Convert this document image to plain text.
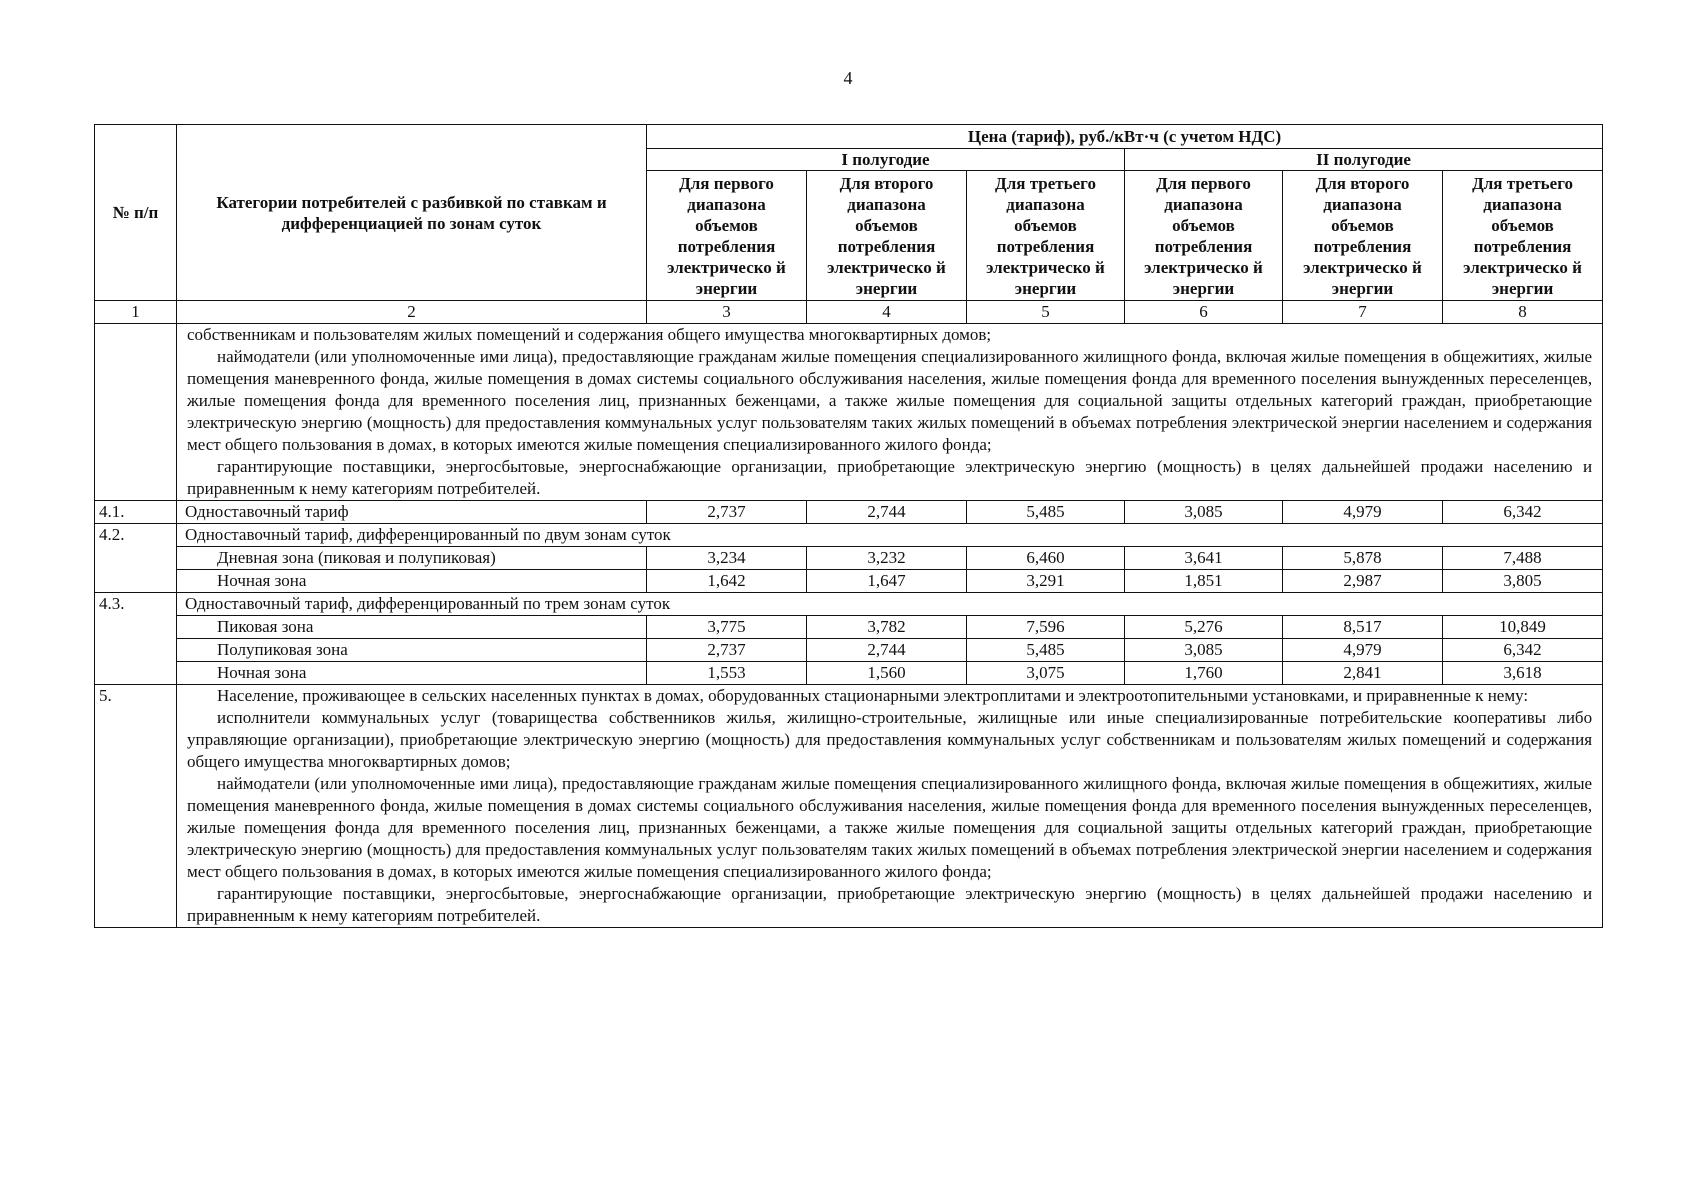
4
№ п/п	Категории потребителей с разбивкой по ставкам и дифференциацией по зонам суток	Цена (тариф), руб./кВт·ч (с учетом НДС)					
		I полугодие			II полугодие		
		Для первого диапазона объемов потребления электрическо й энергии	Для второго диапазона объемов потребления электрическо й энергии	Для третьего диапазона объемов потребления электрическо й энергии	Для первого диапазона объемов потребления электрическо й энергии	Для второго диапазона объемов потребления электрическо й энергии	Для третьего диапазона объемов потребления электрическо й энергии
1	2	3	4	5	6	7	8

	собственникам и пользователям жилых помещений и содержания общего имущества многоквартирных домов;

наймодатели (или уполномоченные ими лица), предоставляющие гражданам жилые помещения специализированного жилищного фонда, включая жилые помещения в общежитиях, жилые помещения маневренного фонда, жилые помещения в домах системы социального обслуживания населения, жилые помещения фонда для временного поселения вынужденных переселенцев, жилые помещения фонда для временного поселения лиц, признанных беженцами, а также жилые помещения для социальной защиты отдельных категорий граждан, приобретающие электрическую энергию (мощность) для предоставления коммунальных услуг пользователям таких жилых помещений в объемах потребления электрической энергии населением и содержания мест общего пользования в домах, в которых имеются жилые помещения специализированного жилого фонда;

гарантирующие поставщики, энергосбытовые, энергоснабжающие организации, приобретающие электрическую энергию (мощность) в целях дальнейшей продажи населению и приравненным к нему категориям потребителей.						

4.1.	Одноставочный тариф	2,737	2,744	5,485	3,085	4,979	6,342
4.2.	Одноставочный тариф, дифференцированный по двум зонам суток						
	Дневная зона (пиковая и полупиковая)	3,234	3,232	6,460	3,641	5,878	7,488
	Ночная зона	1,642	1,647	3,291	1,851	2,987	3,805
4.3.	Одноставочный тариф, дифференцированный по трем зонам суток						
	Пиковая зона	3,775	3,782	7,596	5,276	8,517	10,849
	Полупиковая зона	2,737	2,744	5,485	3,085	4,979	6,342
	Ночная зона	1,553	1,560	3,075	1,760	2,841	3,618
5.	Население, проживающее в сельских населенных пунктах в домах, оборудованных стационарными электроплитами и электроотопительными установками, и приравненные к нему:

исполнители коммунальных услуг (товарищества собственников жилья, жилищно-строительные, жилищные или иные специализированные потребительские кооперативы либо управляющие организации), приобретающие электрическую энергию (мощность) для предоставления коммунальных услуг собственникам и пользователям жилых помещений и содержания общего имущества многоквартирных домов;

наймодатели (или уполномоченные ими лица), предоставляющие гражданам жилые помещения специализированного жилищного фонда, включая жилые помещения в общежитиях, жилые помещения маневренного фонда, жилые помещения в домах системы социального обслуживания населения, жилые помещения фонда для временного поселения вынужденных переселенцев, жилые помещения фонда для временного поселения лиц, признанных беженцами, а также жилые помещения для социальной защиты отдельных категорий граждан, приобретающие электрическую энергию (мощность) для предоставления коммунальных услуг пользователям таких жилых помещений в объемах потребления электрической энергии населением и содержания мест общего пользования в домах, в которых имеются жилые помещения специализированного жилого фонда;

гарантирующие поставщики, энергосбытовые, энергоснабжающие организации, приобретающие электрическую энергию (мощность) в целях дальнейшей продажи населению и приравненным к нему категориям потребителей.						
